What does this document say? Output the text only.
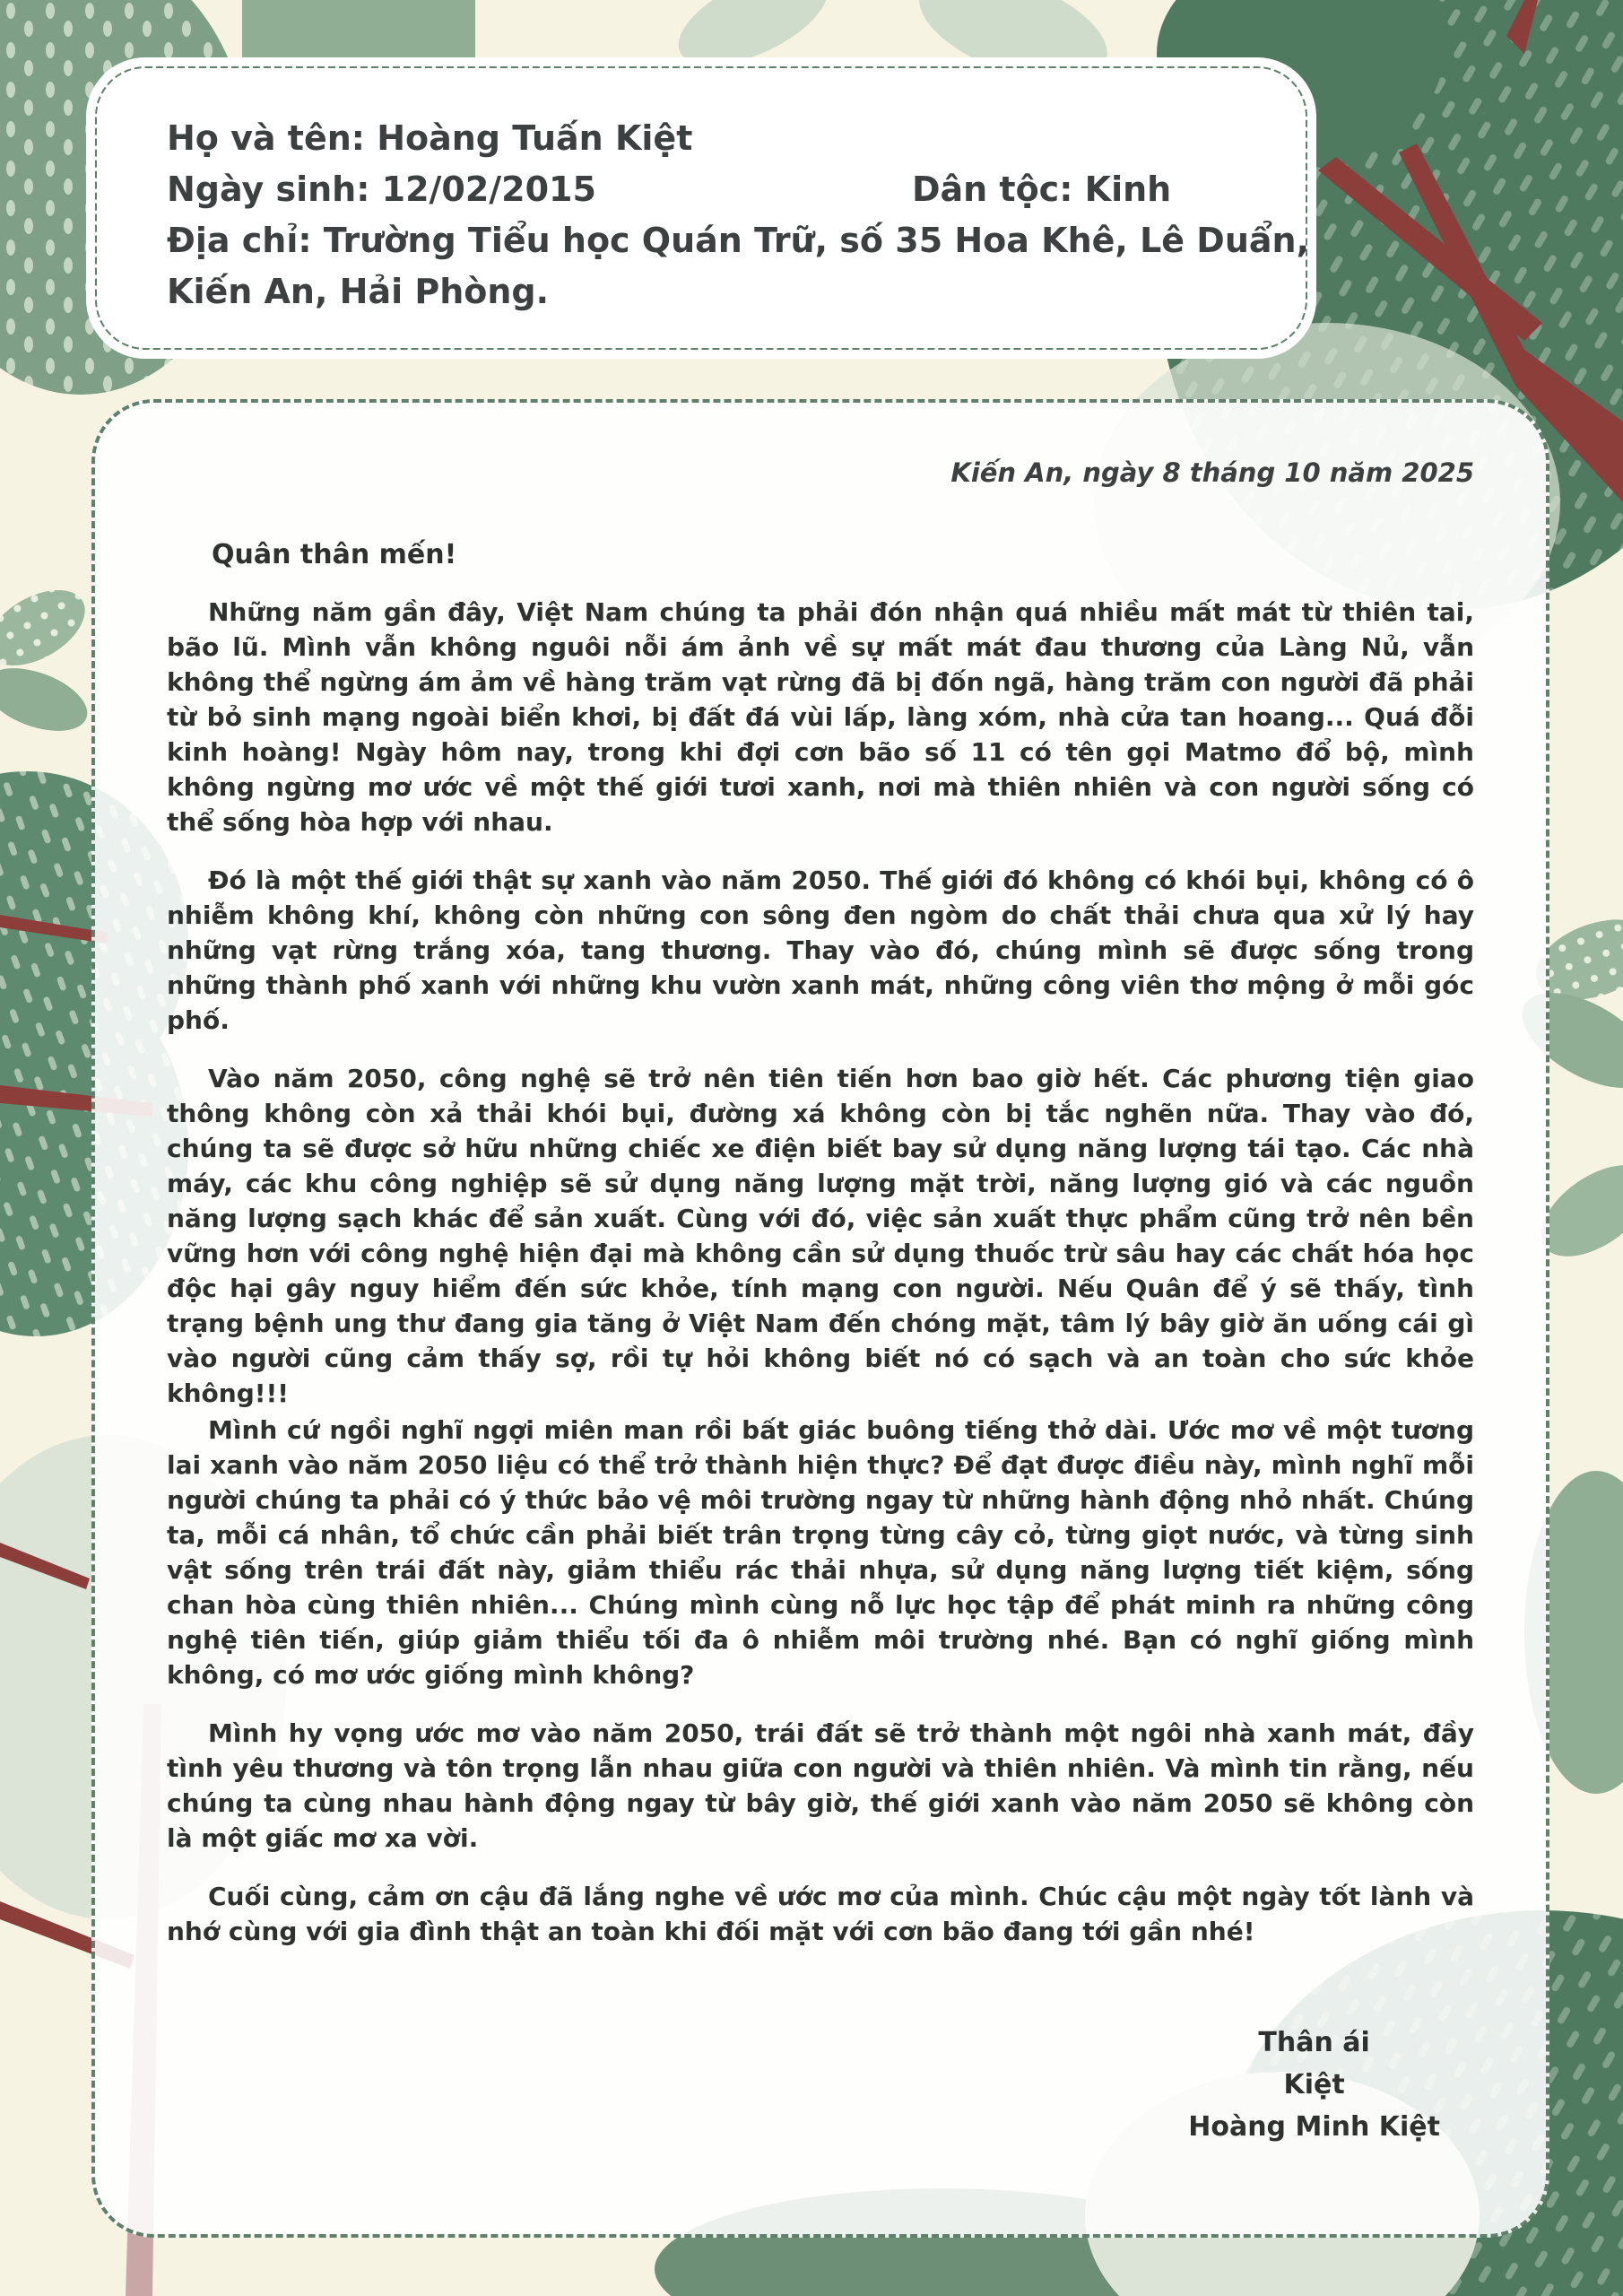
Họ và tên: Hoàng Tuấn Kiệt
Ngày sinh: 12/02/2015	Dân tộc: Kinh
Địa chỉ: Trường Tiểu học Quán Trữ, số 35 Hoa Khê, Lê Duẩn,
Kiến An, Hải Phòng.
Kiến An, ngày 8 tháng 10 năm 2025
Quân thân mến!

Những năm gần đây, Việt Nam chúng ta phải đón nhận quá nhiều mất mát từ thiên tai, bão lũ. Mình vẫn không nguôi nỗi ám ảnh về sự mất mát đau thương của Làng Nủ, vẫn không thể ngừng ám ảm về hàng trăm vạt rừng đã bị đốn ngã, hàng trăm con người đã phải từ bỏ sinh mạng ngoài biển khơi, bị đất đá vùi lấp, làng xóm, nhà cửa tan hoang... Quá đỗi kinh hoàng! Ngày hôm nay, trong khi đợi cơn bão số 11 có tên gọi Matmo đổ bộ, mình không ngừng mơ ước về một thế giới tươi xanh, nơi mà thiên nhiên và con người sống có thể sống hòa hợp với nhau.

Đó là một thế giới thật sự xanh vào năm 2050. Thế giới đó không có khói bụi, không có ô nhiễm không khí, không còn những con sông đen ngòm do chất thải chưa qua xử lý hay những vạt rừng trắng xóa, tang thương. Thay vào đó, chúng mình sẽ được sống trong những thành phố xanh với những khu vườn xanh mát, những công viên thơ mộng ở mỗi góc phố.

Vào năm 2050, công nghệ sẽ trở nên tiên tiến hơn bao giờ hết. Các phương tiện giao thông không còn xả thải khói bụi, đường xá không còn bị tắc nghẽn nữa. Thay vào đó, chúng ta sẽ được sở hữu những chiếc xe điện biết bay sử dụng năng lượng tái tạo. Các nhà máy, các khu công nghiệp sẽ sử dụng năng lượng mặt trời, năng lượng gió và các nguồn năng lượng sạch khác để sản xuất. Cùng với đó, việc sản xuất thực phẩm cũng trở nên bền vững hơn với công nghệ hiện đại mà không cần sử dụng thuốc trừ sâu hay các chất hóa học độc hại gây nguy hiểm đến sức khỏe, tính mạng con người. Nếu Quân để ý sẽ thấy, tình trạng bệnh ung thư đang gia tăng ở Việt Nam đến chóng mặt, tâm lý bây giờ ăn uống cái gì vào người cũng cảm thấy sợ, rồi tự hỏi không biết nó có sạch và an toàn cho sức khỏe không!!!

Mình cứ ngồi nghĩ ngợi miên man rồi bất giác buông tiếng thở dài. Ước mơ về một tương lai xanh vào năm 2050 liệu có thể trở thành hiện thực? Để đạt được điều này, mình nghĩ mỗi người chúng ta phải có ý thức bảo vệ môi trường ngay từ những hành động nhỏ nhất. Chúng ta, mỗi cá nhân, tổ chức cần phải biết trân trọng từng cây cỏ, từng giọt nước, và từng sinh vật sống trên trái đất này, giảm thiểu rác thải nhựa, sử dụng năng lượng tiết kiệm, sống chan hòa cùng thiên nhiên... Chúng mình cùng nỗ lực học tập để phát minh ra những công nghệ tiên tiến, giúp giảm thiểu tối đa ô nhiễm môi trường nhé. Bạn có nghĩ giống mình không, có mơ ước giống mình không?

Mình hy vọng ước mơ vào năm 2050, trái đất sẽ trở thành một ngôi nhà xanh mát, đầy tình yêu thương và tôn trọng lẫn nhau giữa con người và thiên nhiên. Và mình tin rằng, nếu chúng ta cùng nhau hành động ngay từ bây giờ, thế giới xanh vào năm 2050 sẽ không còn là một giấc mơ xa vời.

Cuối cùng, cảm ơn cậu đã lắng nghe về ước mơ của mình. Chúc cậu một ngày tốt lành và nhớ cùng với gia đình thật an toàn khi đối mặt với cơn bão đang tới gần nhé!

Thân ái
Kiệt
Hoàng Minh Kiệt
